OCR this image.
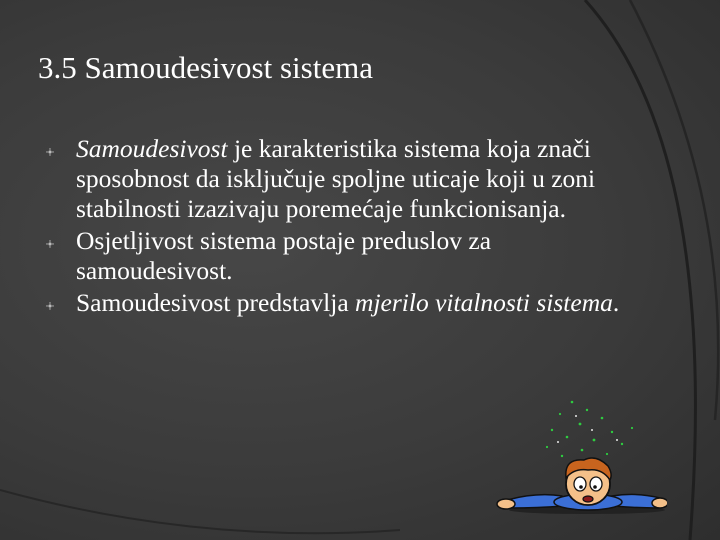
3.5 Samoudesivost sistema
Samoudesivost je karakteristika sistema koja znači sposobnost da isključuje spoljne uticaje koji u zoni stabilnosti izazivaju poremećaje funkcionisanja.
Osjetljivost sistema postaje preduslov za samoudesivost.
Samoudesivost predstavlja mjerilo vitalnosti sistema.
